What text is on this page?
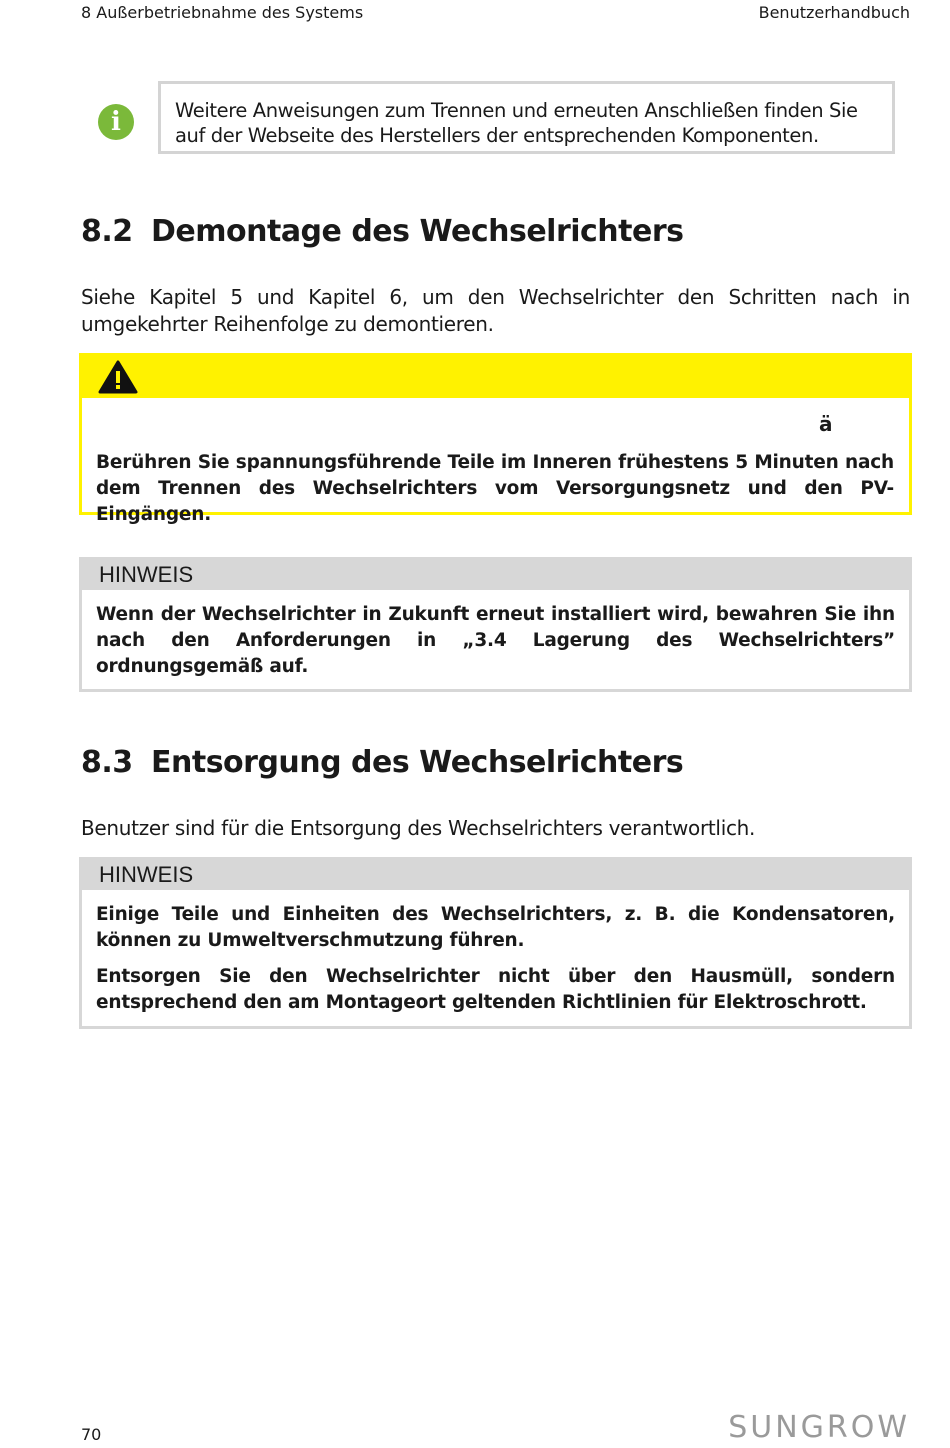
8 Außerbetriebnahme des Systems	Benutzerhandbuch
i	Weitere Anweisungen zum Trennen und erneuten Anschließen finden Sie auf der Webseite des Herstellers der entsprechenden Komponenten.
8.2 Demontage des Wechselrichters

Siehe Kapitel 5 und Kapitel 6, um den Wechselrichter den Schritten nach in umgekehrter Reihenfolge zu demontieren.

ä

Berühren Sie spannungsführende Teile im Inneren frühestens 5 Minuten nach dem Trennen des Wechselrichters vom Versorgungsnetz und den PV-Eingängen.

HINWEIS

Wenn der Wechselrichter in Zukunft erneut installiert wird, bewahren Sie ihn nach den Anforderungen in „3.4 Lagerung des Wechselrichters” ordnungsgemäß auf.

8.3 Entsorgung des Wechselrichters

Benutzer sind für die Entsorgung des Wechselrichters verantwortlich.

HINWEIS

Einige Teile und Einheiten des Wechselrichters, z. B. die Kondensatoren, können zu Umweltverschmutzung führen.

Entsorgen Sie den Wechselrichter nicht über den Hausmüll, sondern entsprechend den am Montageort geltenden Richtlinien für Elektroschrott.

70	SUNGROW
